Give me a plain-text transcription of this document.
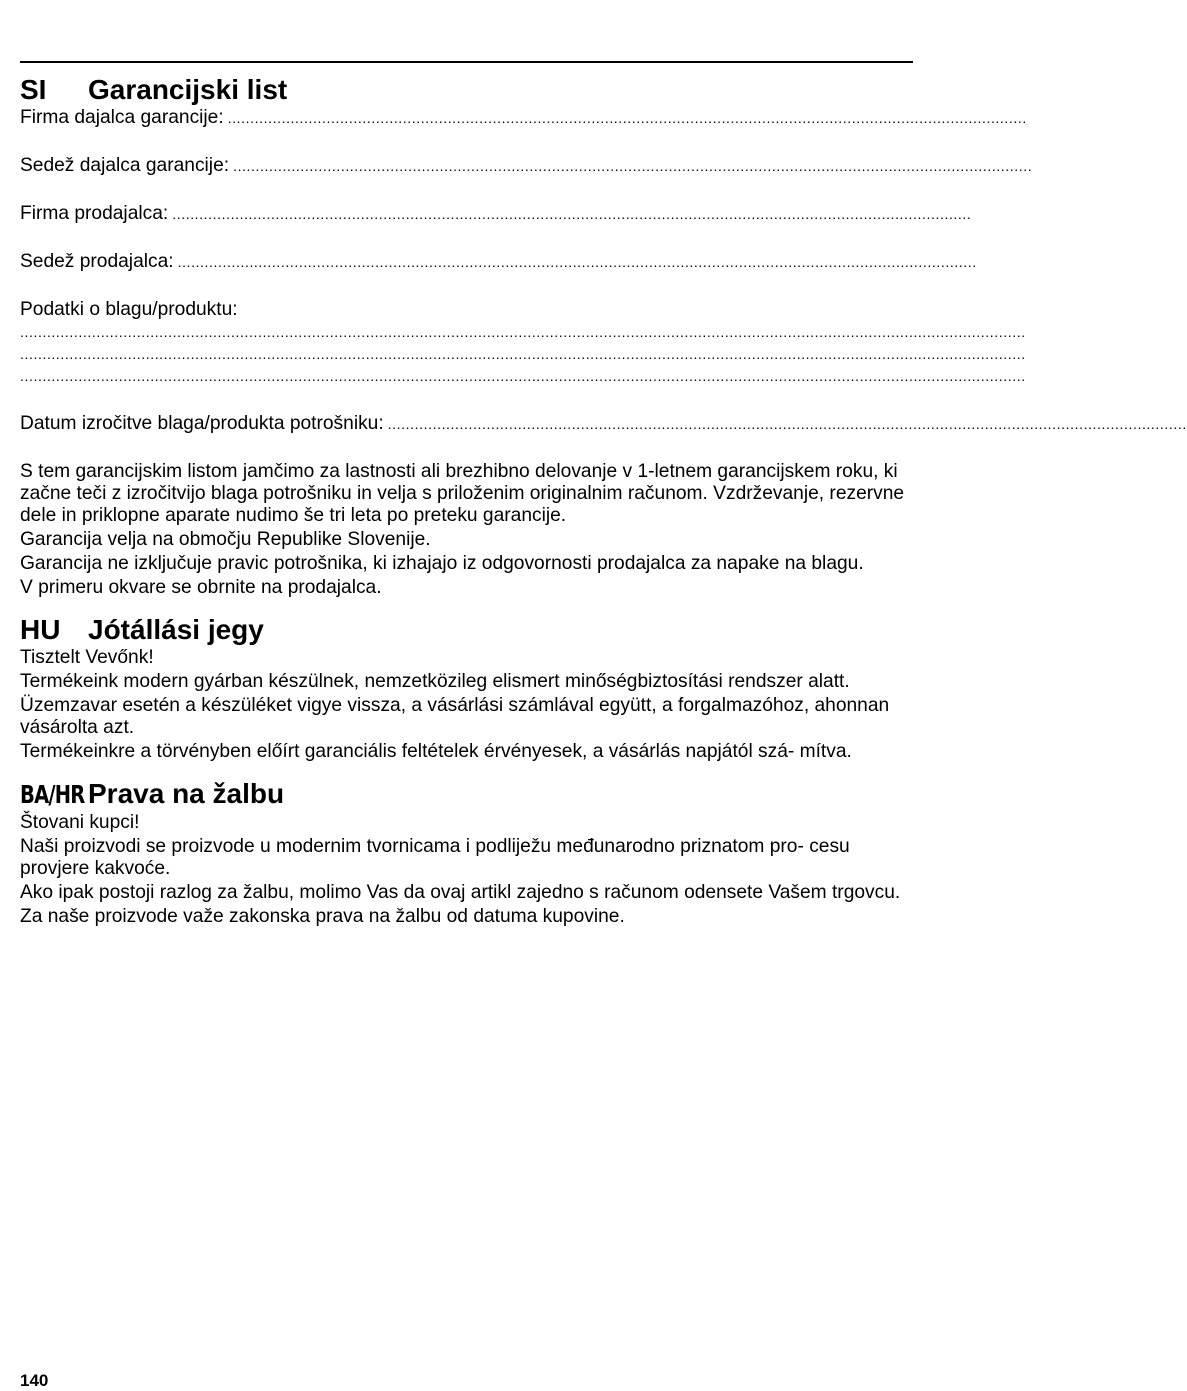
SI	Garancijski list
Firma dajalca garancije: ..................................................................................................................................................................................
Sedež dajalca garancije: ..................................................................................................................................................................................
Firma prodajalca: ..................................................................................................................................................................................
Sedež prodajalca: ..................................................................................................................................................................................
Podatki o blagu/produktu:
................................................................................................................................................................................................................................
................................................................................................................................................................................................................................
................................................................................................................................................................................................................................
Datum izročitve blaga/produkta potrošniku: ..................................................................................................................................................................................

S tem garancijskim listom jamčimo za lastnosti ali brezhibno delovanje v 1-letnem garancijskem roku, ki začne teči z izročitvijo blaga potrošniku in velja s priloženim originalnim računom. Vzdrževanje, rezervne dele in priklopne aparate nudimo še tri leta po preteku garancije.

Garancija velja na območju Republike Slovenije.

Garancija ne izključuje pravic potrošnika, ki izhajajo iz odgovornosti prodajalca za napake na blagu.

V primeru okvare se obrnite na prodajalca.

HU Jótállási jegy

Tisztelt Vevőnk!

Termékeink modern gyárban készülnek, nemzetközileg elismert minőségbiztosítási rendszer alatt.

Üzemzavar esetén a készüléket vigye vissza, a vásárlási számlával együtt, a forgalmazóhoz, ahonnan vásárolta azt.

Termékeinkre a törvényben előírt garanciális feltételek érvényesek, a vásárlás napjától szá- mítva.

BA/HR Prava na žalbu

Štovani kupci!

Naši proizvodi se proizvode u modernim tvornicama i podliježu međunarodno priznatom pro- cesu provjere kakvoće.

Ako ipak postoji razlog za žalbu, molimo Vas da ovaj artikl zajedno s računom odensete Vašem trgovcu.

Za naše proizvode važe zakonska prava na žalbu od datuma kupovine.

140
